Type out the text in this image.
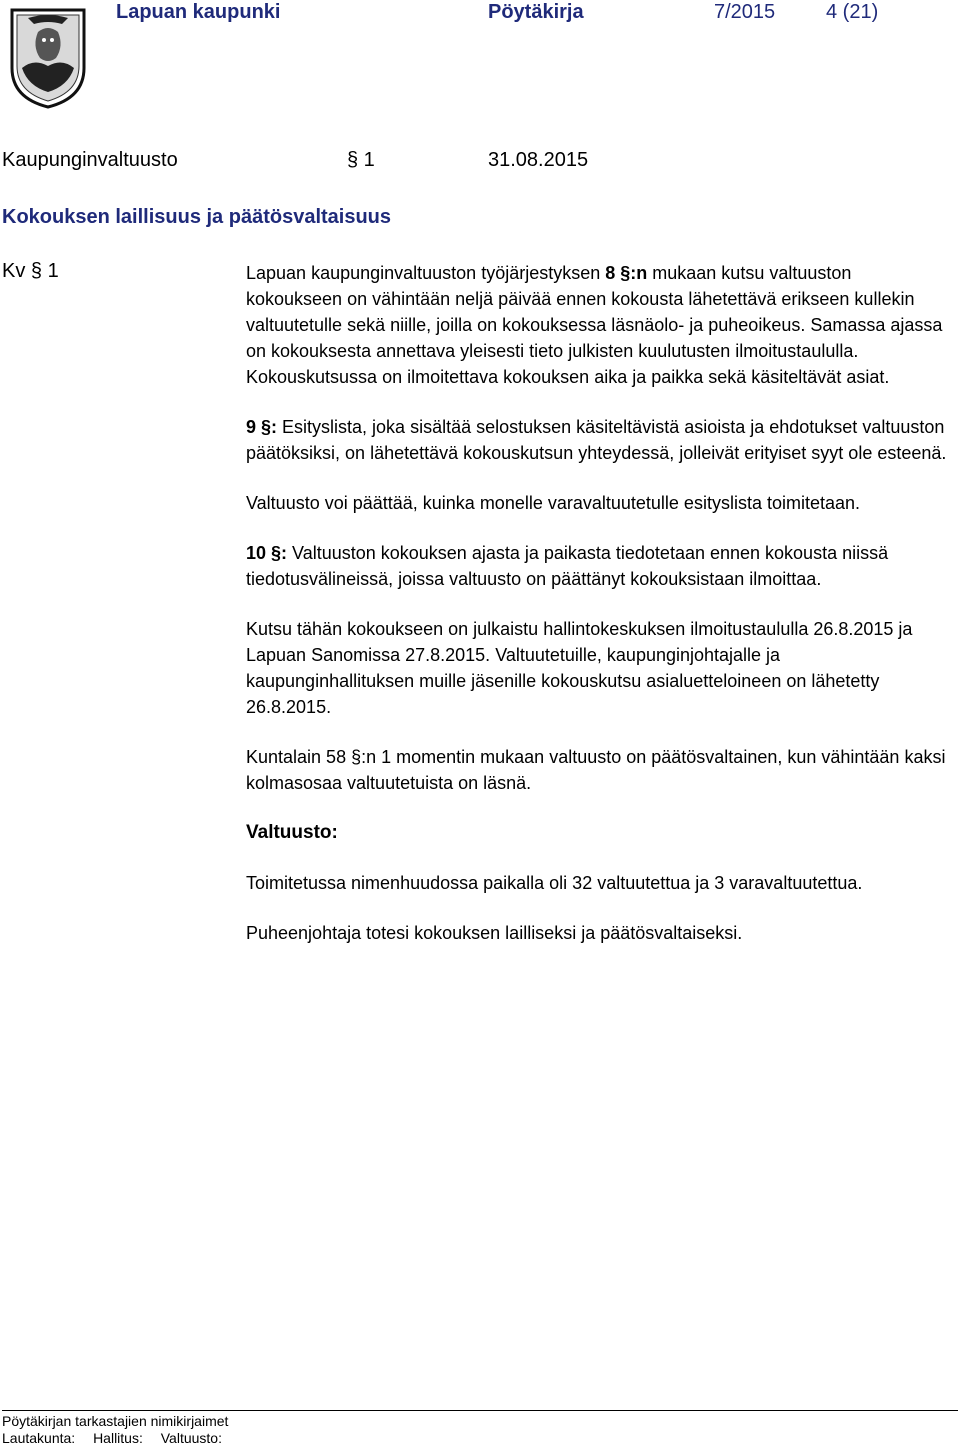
Lapuan kaupunki	Pöytäkirja	7/2015	4 (21)
Kaupunginvaltuusto	§ 1	31.08.2015
Kokouksen laillisuus ja päätösvaltaisuus
Kv § 1	Lapuan kaupunginvaltuuston työjärjestyksen 8 §:n mukaan kutsu valtuuston kokoukseen on vähintään neljä päivää ennen kokousta lähetettävä erikseen kullekin valtuutetulle sekä niille, joilla on kokouksessa läsnäolo- ja puheoikeus. Samassa ajassa on kokouksesta annettava yleisesti tieto julkisten kuulutusten ilmoitustaululla. Kokouskutsussa on ilmoitettava kokouksen aika ja paikka sekä käsiteltävät asiat.

9 §: Esityslista, joka sisältää selostuksen käsiteltävistä asioista ja ehdotukset valtuuston päätöksiksi, on lähetettävä kokouskutsun yhteydessä, jolleivät erityiset syyt ole esteenä.

Valtuusto voi päättää, kuinka monelle varavaltuutetulle esityslista toimitetaan.

10 §: Valtuuston kokouksen ajasta ja paikasta tiedotetaan ennen kokousta niissä tiedotusvälineissä, joissa valtuusto on päättänyt kokouksistaan ilmoittaa.

Kutsu tähän kokoukseen on julkaistu hallintokeskuksen ilmoitustaululla 26.8.2015 ja Lapuan Sanomissa 27.8.2015. Valtuutetuille, kaupunginjohtajalle ja kaupunginhallituksen muille jäsenille kokouskutsu asialuetteloineen on lähetetty 26.8.2015.

Kuntalain 58 §:n 1 momentin mukaan valtuusto on päätösvaltainen, kun vähintään kaksi kolmasosaa valtuutetuista on läsnä.

Valtuusto:

Toimitetussa nimenhuudossa paikalla oli 32 valtuutettua ja 3 varavaltuutettua.

Puheenjohtaja totesi kokouksen lailliseksi ja päätösvaltaiseksi.

Pöytäkirjan tarkastajien nimikirjaimet
Lautakunta: Hallitus: Valtuusto:
